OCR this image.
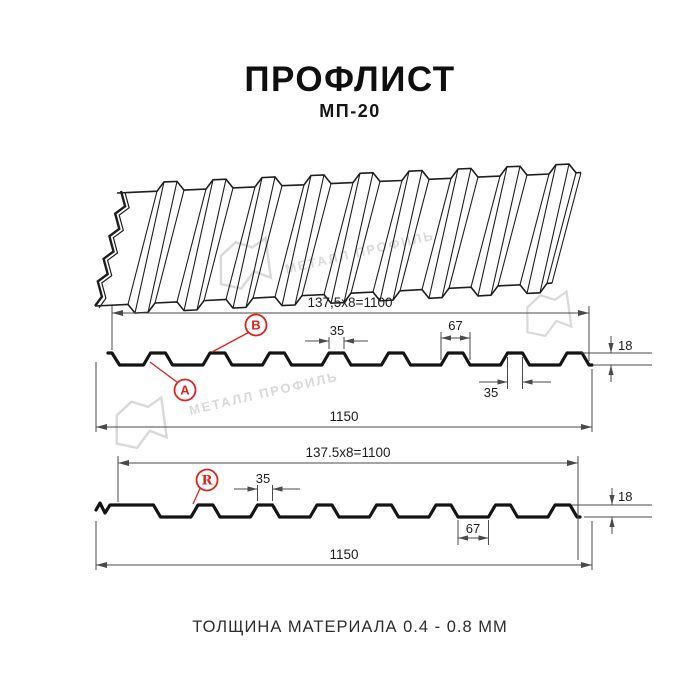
ПРОФЛИСТ
МП-20
МЕТАЛЛ ПРОФИЛЬ
МЕТАЛЛ ПРОФИЛЬ
137,5x8=1100
35	67
35
18
1150
A
B
137.5x8=1100
35
67
18
1150
R
ТОЛЩИНА МАТЕРИАЛА 0.4 - 0.8 ММ
